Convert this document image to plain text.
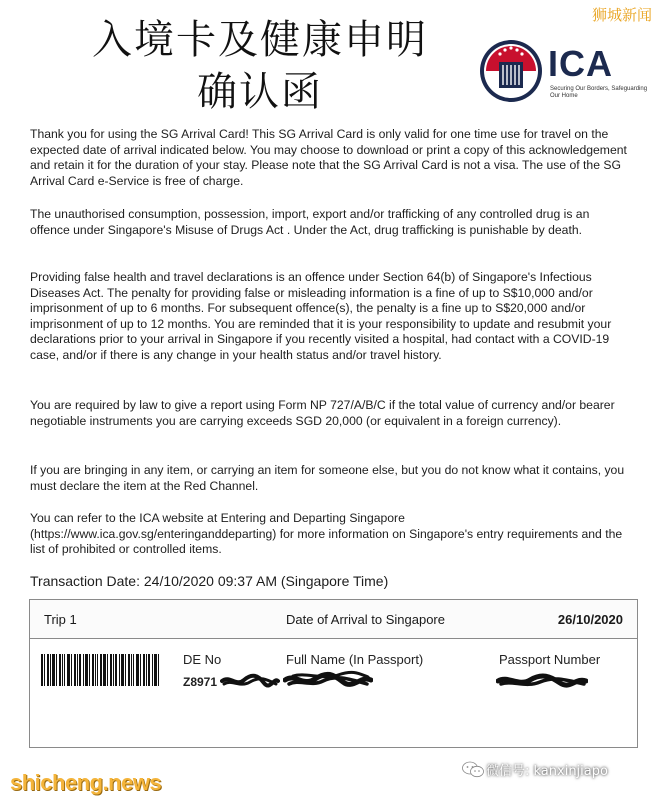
入境卡及健康申明
确认函
ICA
Securing Our Borders, Safeguarding Our Home
狮城新闻
Thank you for using the SG Arrival Card! This SG Arrival Card is only valid for one time use for travel on the expected date of arrival indicated below. You may choose to download or print a copy of this acknowledgement and retain it for the duration of your stay. Please note that the SG Arrival Card is not a visa. The use of the SG Arrival Card e-Service is free of charge.
The unauthorised consumption, possession, import, export and/or trafficking of any controlled drug is an offence under Singapore's Misuse of Drugs Act . Under the Act, drug trafficking is punishable by death.
Providing false health and travel declarations is an offence under Section 64(b) of Singapore's Infectious Diseases Act. The penalty for providing false or misleading information is a fine of up to S$10,000 and/or imprisonment of up to 6 months. For subsequent offence(s), the penalty is a fine up to S$20,000 and/or imprisonment of up to 12 months. You are reminded that it is your responsibility to update and resubmit your declarations prior to your arrival in Singapore if you recently visited a hospital, had contact with a COVID-19 case, and/or if there is any change in your health status and/or travel history.
You are required by law to give a report using Form NP 727/A/B/C if the total value of currency and/or bearer negotiable instruments you are carrying exceeds SGD 20,000 (or equivalent in a foreign currency).
If you are bringing in any item, or carrying an item for someone else, but you do not know what it contains, you must declare the item at the Red Channel.
You can refer to the ICA website at Entering and Departing Singapore (https://www.ica.gov.sg/enteringanddeparting) for more information on Singapore's entry requirements and the list of prohibited or controlled items.
Transaction Date: 24/10/2020 09:37 AM (Singapore Time)
Trip 1	Date of Arrival to Singapore	26/10/2020
DE No	Full Name (In Passport)	Passport Number
Z8971
shicheng.news	微信号: kanxinjiapo
